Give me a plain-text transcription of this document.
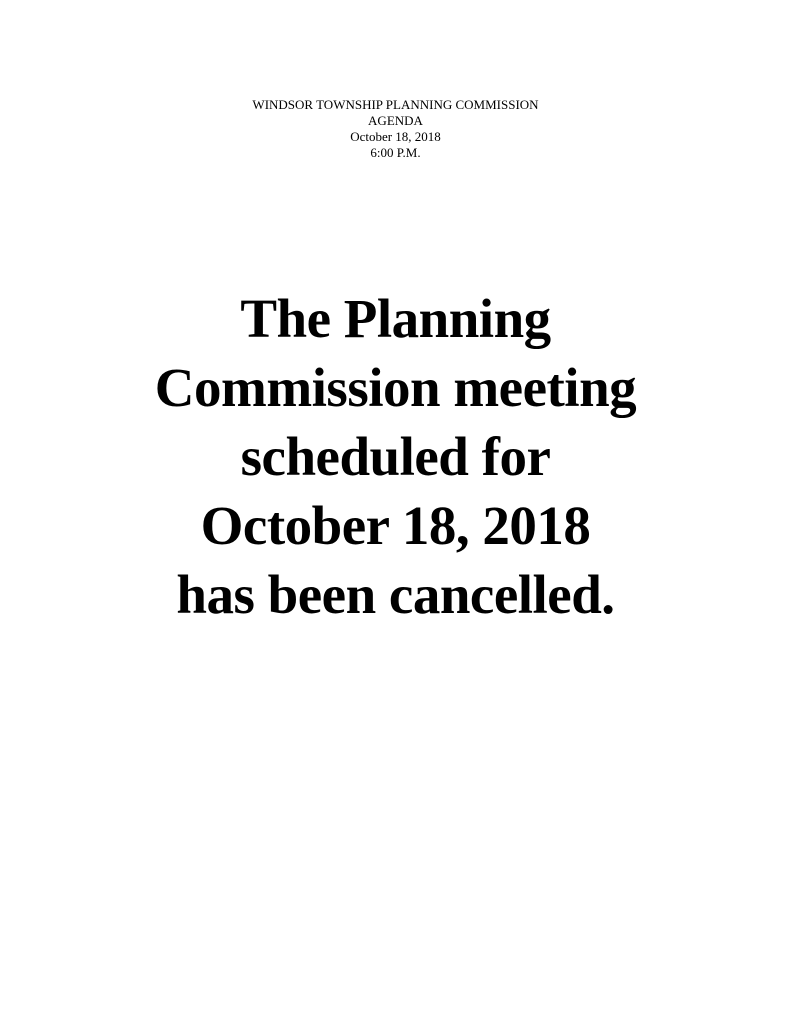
WINDSOR TOWNSHIP PLANNING COMMISSION
AGENDA
October 18, 2018
6:00 P.M.
The Planning
Commission meeting
scheduled for
October 18, 2018
has been cancelled.
